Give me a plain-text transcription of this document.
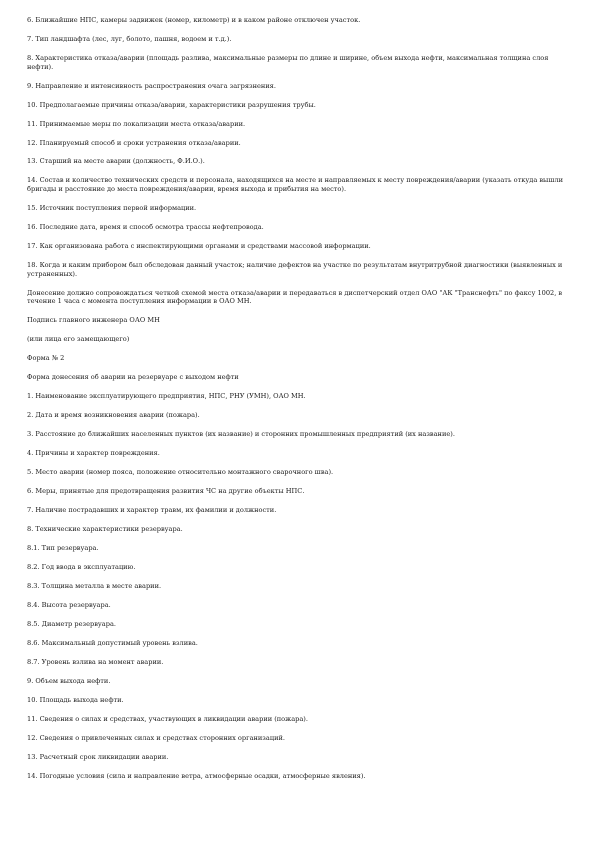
6. Ближайшие НПС, камеры задвижек (номер, километр) и в каком районе отключен участок.

7. Тип ландшафта (лес, луг, болото, пашня, водоем и т.д.).

8. Характеристика отказа/аварии (площадь разлива, максимальные размеры по длине и ширине, объем выхода нефти, максимальная толщина слоя нефти).

9. Направление и интенсивность распространения очага загрязнения.

10. Предполагаемые причины отказа/аварии, характеристики разрушения трубы.

11. Принимаемые меры по локализации места отказа/аварии.

12. Планируемый способ и сроки устранения отказа/аварии.

13. Старший на месте аварии (должность, Ф.И.О.).

14. Состав и количество технических средств и персонала, находящихся на месте и направляемых к месту повреждения/аварии (указать откуда вышли бригады и расстояние до места повреждения/аварии, время выхода и прибытия на место).

15. Источник поступления первой информации.

16. Последние дата, время и способ осмотра трассы нефтепровода.

17. Как организована работа с инспектирующими органами и средствами массовой информации.

18. Когда и каким прибором был обследован данный участок; наличие дефектов на участке по результатам внутритрубной диагностики (выявленных и устраненных).

Донесение должно сопровождаться четкой схемой места отказа/аварии и передаваться в диспетчерский отдел ОАО "АК "Транснефть" по факсу 1002, в течение 1 часа с момента поступления информации в ОАО МН.

Подпись главного инженера ОАО МН

(или лица его замещающего)

Форма № 2

Форма донесения об аварии на резервуаре с выходом нефти

1. Наименование эксплуатирующего предприятия, НПС, РНУ (УМН), ОАО МН.

2. Дата и время возникновения аварии (пожара).

3. Расстояние до ближайших населенных пунктов (их название) и сторонних промышленных предприятий (их название).

4. Причины и характер повреждения.

5. Место аварии (номер пояса, положение относительно монтажного сварочного шва).

6. Меры, принятые для предотвращения развития ЧС на другие объекты НПС.

7. Наличие пострадавших и характер травм, их фамилии и должности.

8. Технические характеристики резервуара.

8.1. Тип резервуара.

8.2. Год ввода в эксплуатацию.

8.3. Толщина металла в месте аварии.

8.4. Высота резервуара.

8.5. Диаметр резервуара.

8.6. Максимальный допустимый уровень взлива.

8.7. Уровень взлива на момент аварии.

9. Объем выхода нефти.

10. Площадь выхода нефти.

11. Сведения о силах и средствах, участвующих в ликвидации аварии (пожара).

12. Сведения о привлеченных силах и средствах сторонних организаций.

13. Расчетный срок ликвидации аварии.

14. Погодные условия (сила и направление ветра, атмосферные осадки, атмосферные явления).
